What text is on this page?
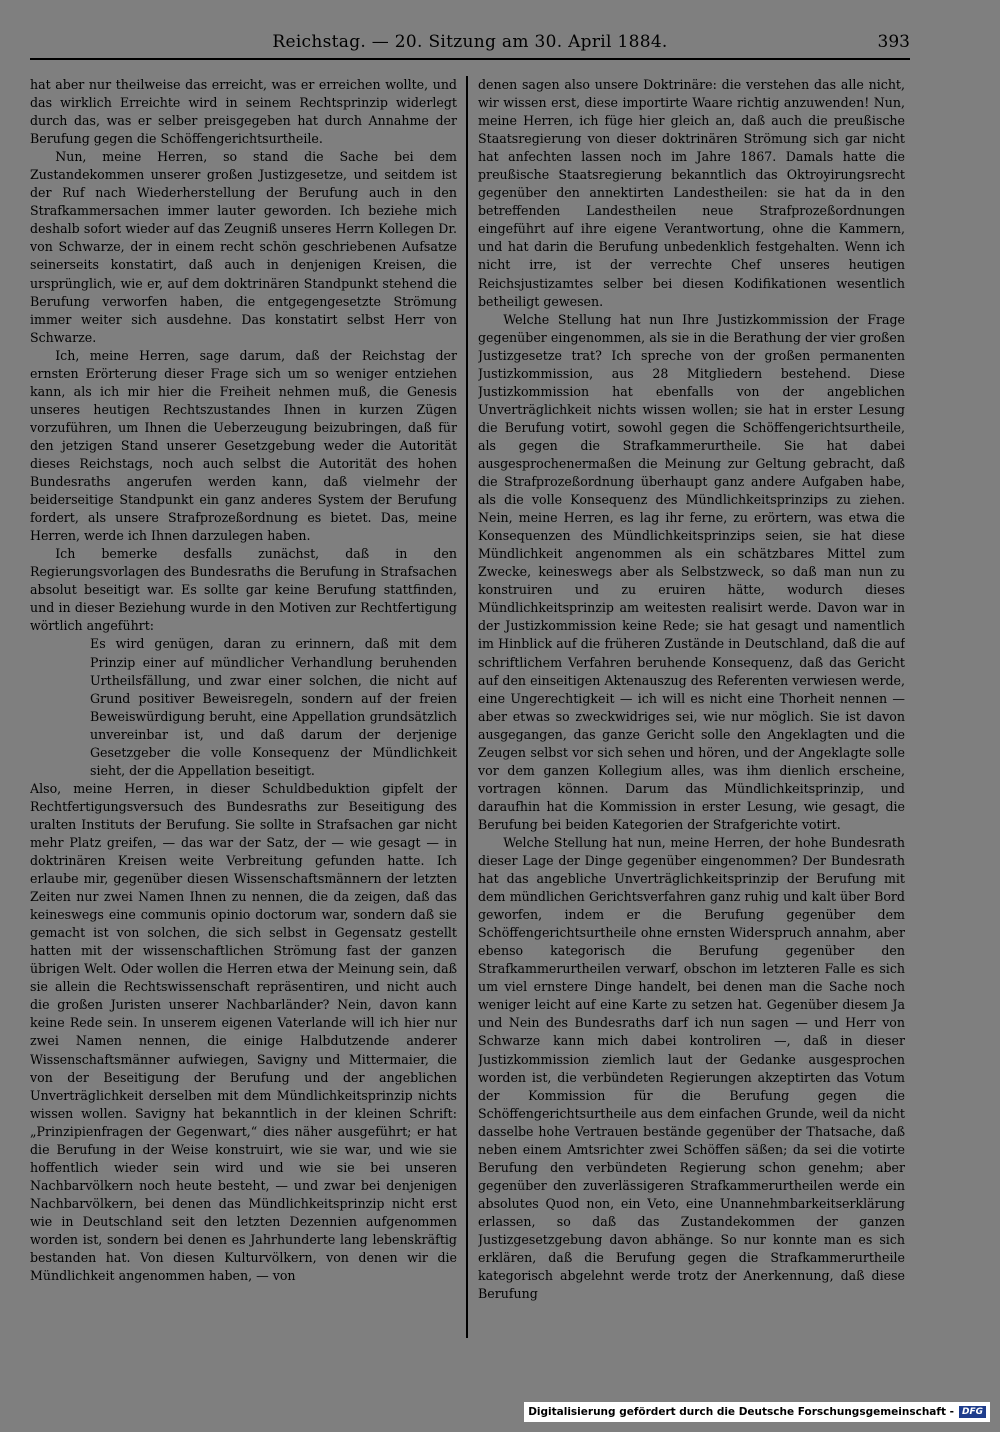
Reichstag. — 20. Sitzung am 30. April 1884.	393

hat aber nur theilweise das erreicht, was er erreichen wollte, und das wirklich Erreichte wird in seinem Rechtsprinzip widerlegt durch das, was er selber preisgegeben hat durch Annahme der Berufung gegen die Schöffengerichtsurtheile.

Nun, meine Herren, so stand die Sache bei dem Zustandekommen unserer großen Justizgesetze, und seitdem ist der Ruf nach Wiederherstellung der Berufung auch in den Strafkammersachen immer lauter geworden. Ich beziehe mich deshalb sofort wieder auf das Zeugniß unseres Herrn Kollegen Dr. von Schwarze, der in einem recht schön geschriebenen Aufsatze seinerseits konstatirt, daß auch in denjenigen Kreisen, die ursprünglich, wie er, auf dem doktrinären Standpunkt stehend die Berufung verworfen haben, die entgegengesetzte Strömung immer weiter sich ausdehne. Das konstatirt selbst Herr von Schwarze.

Ich, meine Herren, sage darum, daß der Reichstag der ernsten Erörterung dieser Frage sich um so weniger entziehen kann, als ich mir hier die Freiheit nehmen muß, die Genesis unseres heutigen Rechtszustandes Ihnen in kurzen Zügen vorzuführen, um Ihnen die Ueberzeugung beizubringen, daß für den jetzigen Stand unserer Gesetzgebung weder die Autorität dieses Reichstags, noch auch selbst die Autorität des hohen Bundesraths angerufen werden kann, daß vielmehr der beiderseitige Standpunkt ein ganz anderes System der Berufung fordert, als unsere Strafprozeßordnung es bietet. Das, meine Herren, werde ich Ihnen darzulegen haben.

Ich bemerke desfalls zunächst, daß in den Regierungsvorlagen des Bundesraths die Berufung in Strafsachen absolut beseitigt war. Es sollte gar keine Berufung stattfinden, und in dieser Beziehung wurde in den Motiven zur Rechtfertigung wörtlich angeführt:

Es wird genügen, daran zu erinnern, daß mit dem Prinzip einer auf mündlicher Verhandlung beruhenden Urtheilsfällung, und zwar einer solchen, die nicht auf Grund positiver Beweisregeln, sondern auf der freien Beweiswürdigung beruht, eine Appellation grundsätzlich unvereinbar ist, und daß darum der derjenige Gesetzgeber die volle Konsequenz der Mündlichkeit sieht, der die Appellation beseitigt.

Also, meine Herren, in dieser Schuldbeduktion gipfelt der Rechtfertigungsversuch des Bundesraths zur Beseitigung des uralten Instituts der Berufung. Sie sollte in Strafsachen gar nicht mehr Platz greifen, — das war der Satz, der — wie gesagt — in doktrinären Kreisen weite Verbreitung gefunden hatte. Ich erlaube mir, gegenüber diesen Wissenschaftsmännern der letzten Zeiten nur zwei Namen Ihnen zu nennen, die da zeigen, daß das keineswegs eine communis opinio doctorum war, sondern daß sie gemacht ist von solchen, die sich selbst in Gegensatz gestellt hatten mit der wissenschaftlichen Strömung fast der ganzen übrigen Welt. Oder wollen die Herren etwa der Meinung sein, daß sie allein die Rechtswissenschaft repräsentiren, und nicht auch die großen Juristen unserer Nachbarländer? Nein, davon kann keine Rede sein. In unserem eigenen Vaterlande will ich hier nur zwei Namen nennen, die einige Halbdutzende anderer Wissenschaftsmänner aufwiegen, Savigny und Mittermaier, die von der Beseitigung der Berufung und der angeblichen Unverträglichkeit derselben mit dem Mündlichkeitsprinzip nichts wissen wollen. Savigny hat bekanntlich in der kleinen Schrift: „Prinzipienfragen der Gegenwart,“ dies näher ausgeführt; er hat die Berufung in der Weise konstruirt, wie sie war, und wie sie hoffentlich wieder sein wird und wie sie bei unseren Nachbarvölkern noch heute besteht, — und zwar bei denjenigen Nachbarvölkern, bei denen das Mündlichkeitsprinzip nicht erst wie in Deutschland seit den letzten Dezennien aufgenommen worden ist, sondern bei denen es Jahrhunderte lang lebenskräftig bestanden hat. Von diesen Kulturvölkern, von denen wir die Mündlichkeit angenommen haben, — von

denen sagen also unsere Doktrinäre: die verstehen das alle nicht, wir wissen erst, diese importirte Waare richtig anzuwenden! Nun, meine Herren, ich füge hier gleich an, daß auch die preußische Staatsregierung von dieser doktrinären Strömung sich gar nicht hat anfechten lassen noch im Jahre 1867. Damals hatte die preußische Staatsregierung bekanntlich das Oktroyirungsrecht gegenüber den annektirten Landestheilen: sie hat da in den betreffenden Landestheilen neue Strafprozeßordnungen eingeführt auf ihre eigene Verantwortung, ohne die Kammern, und hat darin die Berufung unbedenklich festgehalten. Wenn ich nicht irre, ist der verrechte Chef unseres heutigen Reichsjustizamtes selber bei diesen Kodifikationen wesentlich betheiligt gewesen.

Welche Stellung hat nun Ihre Justizkommission der Frage gegenüber eingenommen, als sie in die Berathung der vier großen Justizgesetze trat? Ich spreche von der großen permanenten Justizkommission, aus 28 Mitgliedern bestehend. Diese Justizkommission hat ebenfalls von der angeblichen Unverträglichkeit nichts wissen wollen; sie hat in erster Lesung die Berufung votirt, sowohl gegen die Schöffengerichtsurtheile, als gegen die Strafkammerurtheile. Sie hat dabei ausgesprochenermaßen die Meinung zur Geltung gebracht, daß die Strafprozeßordnung überhaupt ganz andere Aufgaben habe, als die volle Konsequenz des Mündlichkeitsprinzips zu ziehen. Nein, meine Herren, es lag ihr ferne, zu erörtern, was etwa die Konsequenzen des Mündlichkeitsprinzips seien, sie hat diese Mündlichkeit angenommen als ein schätzbares Mittel zum Zwecke, keineswegs aber als Selbstzweck, so daß man nun zu konstruiren und zu eruiren hätte, wodurch dieses Mündlichkeitsprinzip am weitesten realisirt werde. Davon war in der Justizkommission keine Rede; sie hat gesagt und namentlich im Hinblick auf die früheren Zustände in Deutschland, daß die auf schriftlichem Verfahren beruhende Konsequenz, daß das Gericht auf den einseitigen Aktenauszug des Referenten verwiesen werde, eine Ungerechtigkeit — ich will es nicht eine Thorheit nennen — aber etwas so zweckwidriges sei, wie nur möglich. Sie ist davon ausgegangen, das ganze Gericht solle den Angeklagten und die Zeugen selbst vor sich sehen und hören, und der Angeklagte solle vor dem ganzen Kollegium alles, was ihm dienlich erscheine, vortragen können. Darum das Mündlichkeitsprinzip, und daraufhin hat die Kommission in erster Lesung, wie gesagt, die Berufung bei beiden Kategorien der Strafgerichte votirt.

Welche Stellung hat nun, meine Herren, der hohe Bundesrath dieser Lage der Dinge gegenüber eingenommen? Der Bundesrath hat das angebliche Unverträglichkeitsprinzip der Berufung mit dem mündlichen Gerichtsverfahren ganz ruhig und kalt über Bord geworfen, indem er die Berufung gegenüber dem Schöffengerichtsurtheile ohne ernsten Widerspruch annahm, aber ebenso kategorisch die Berufung gegenüber den Strafkammerurtheilen verwarf, obschon im letzteren Falle es sich um viel ernstere Dinge handelt, bei denen man die Sache noch weniger leicht auf eine Karte zu setzen hat. Gegenüber diesem Ja und Nein des Bundesraths darf ich nun sagen — und Herr von Schwarze kann mich dabei kontroliren —, daß in dieser Justizkommission ziemlich laut der Gedanke ausgesprochen worden ist, die verbündeten Regierungen akzeptirten das Votum der Kommission für die Berufung gegen die Schöffengerichtsurtheile aus dem einfachen Grunde, weil da nicht dasselbe hohe Vertrauen bestände gegenüber der Thatsache, daß neben einem Amtsrichter zwei Schöffen säßen; da sei die votirte Berufung den verbündeten Regierung schon genehm; aber gegenüber den zuverlässigeren Strafkammerurtheilen werde ein absolutes Quod non, ein Veto, eine Unannehmbarkeitserklärung erlassen, so daß das Zustandekommen der ganzen Justizgesetzgebung davon abhänge. So nur konnte man es sich erklären, daß die Berufung gegen die Strafkammerurtheile kategorisch abgelehnt werde trotz der Anerkennung, daß diese Berufung

Digitalisierung gefördert durch die Deutsche Forschungsgemeinschaft - DFG
